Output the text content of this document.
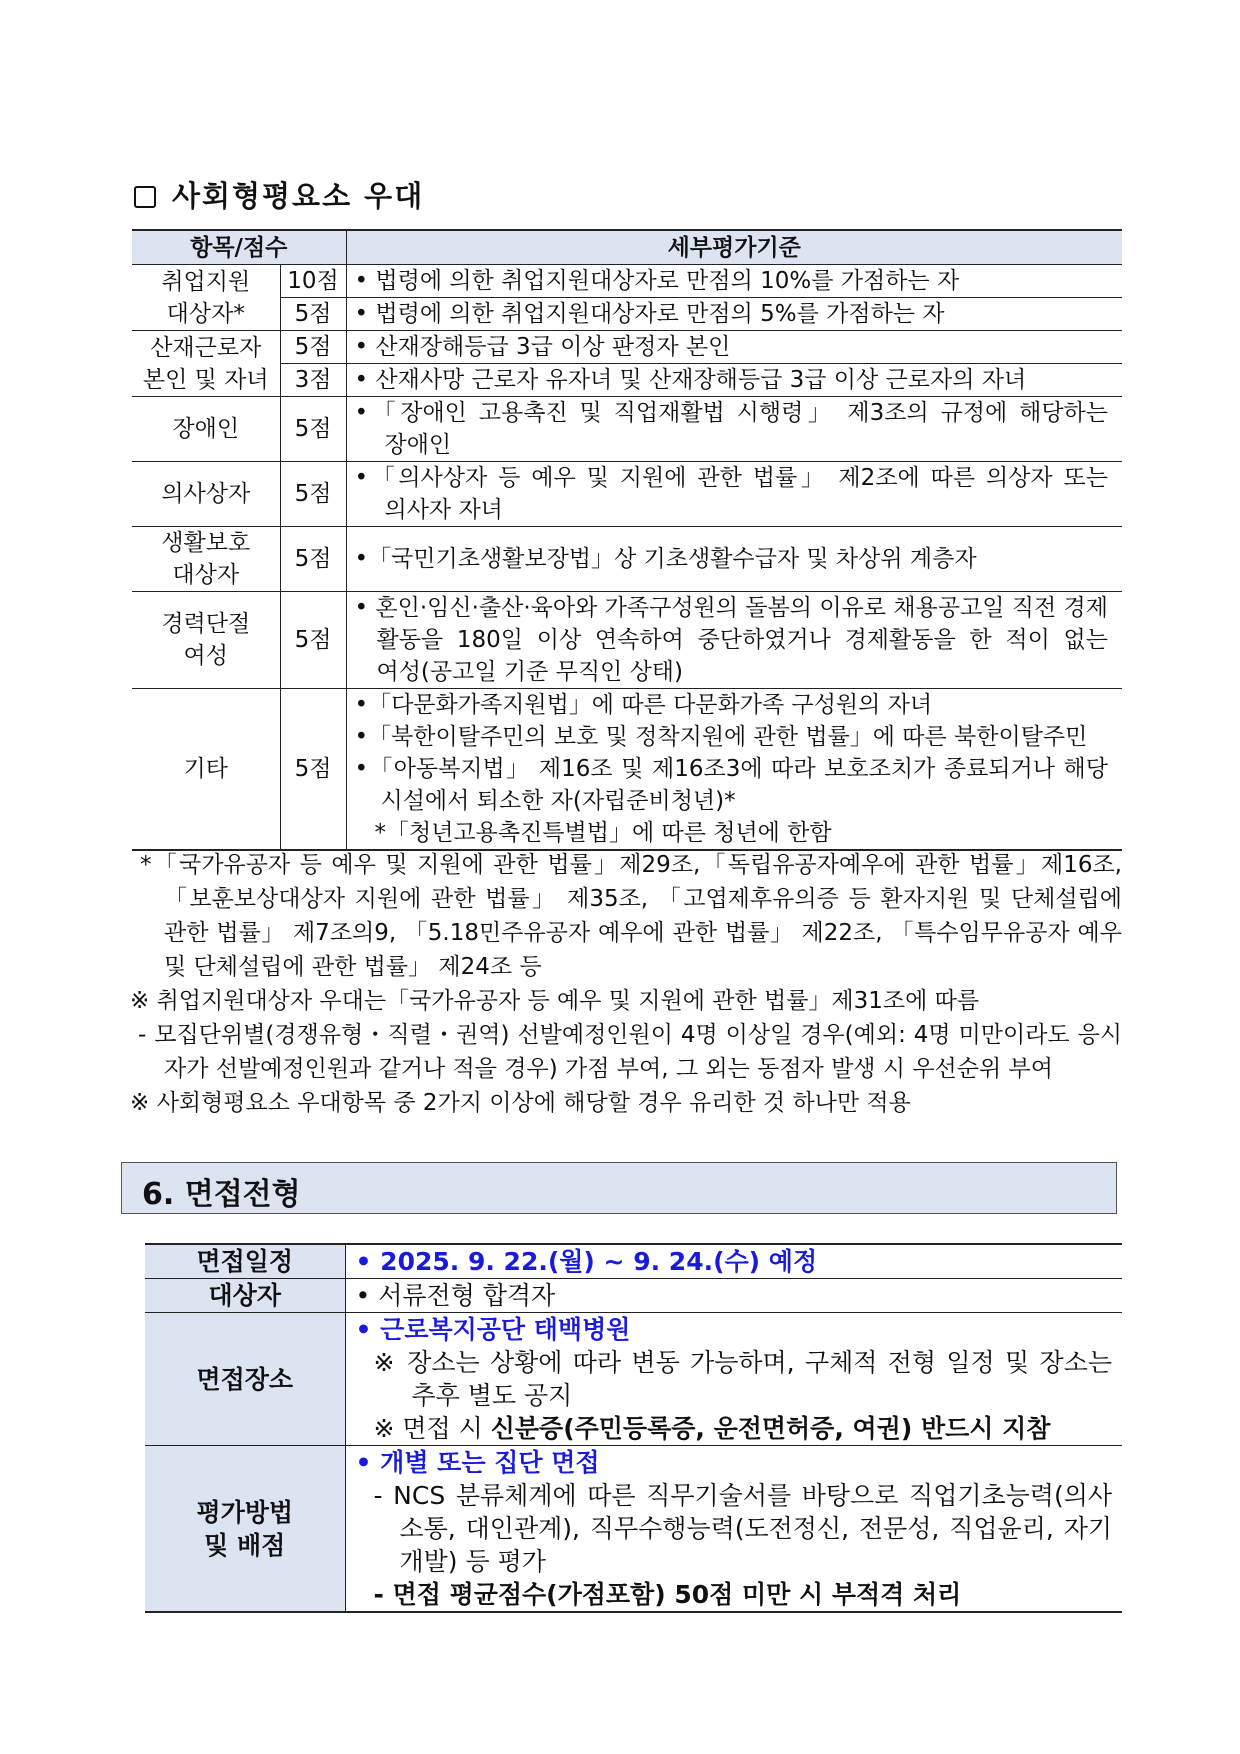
사회형평요소 우대
항목/점수		세부평가기준

취업지원
대상자*	10점	• 법령에 의한 취업지원대상자로 만점의 10%를 가점하는 자
	5점	• 법령에 의한 취업지원대상자로 만점의 5%를 가점하는 자

산재근로자
본인 및 자녀	5점	• 산재장해등급 3급 이상 판정자 본인
	3점	• 산재사망 근로자 유자녀 및 산재장해등급 3급 이상 근로자의 자녀
장애인	5점	•「장애인 고용촉진 및 직업재활법 시행령」 제3조의 규정에 해당하는
장애인

의사상자	5점	•「의사상자 등 예우 및 지원에 관한 법률」 제2조에 따른 의상자 또는
의사자 자녀

생활보호
대상자	5점	•「국민기초생활보장법」상 기초생활수급자 및 차상위 계층자

경력단절
여성	5점	• 혼인·임신·출산·육아와 가족구성원의 돌봄의 이유로 채용공고일 직전 경제
활동을 180일 이상 연속하여 중단하였거나 경제활동을 한 적이 없는
여성(공고일 기준 무직인 상태)

기타	5점	•「다문화가족지원법」에 따른 다문화가족 구성원의 자녀
•「북한이탈주민의 보호 및 정착지원에 관한 법률」에 따른 북한이탈주민
•「아동복지법」 제16조 및 제16조3에 따라 보호조치가 종료되거나 해당
시설에서 퇴소한 자(자립준비청년)*
*「청년고용촉진특별법」에 따른 청년에 한함
*「국가유공자 등 예우 및 지원에 관한 법률」제29조,「독립유공자예우에 관한 법률」제16조,
「보훈보상대상자 지원에 관한 법률」 제35조, 「고엽제후유의증 등 환자지원 및 단체설립에
관한 법률」 제7조의9, 「5.18민주유공자 예우에 관한 법률」 제22조, 「특수임무유공자 예우
및 단체설립에 관한 법률」 제24조 등
※ 취업지원대상자 우대는「국가유공자 등 예우 및 지원에 관한 법률」제31조에 따름
- 모집단위별(경쟁유형・직렬・권역) 선발예정인원이 4명 이상일 경우(예외: 4명 미만이라도 응시
자가 선발예정인원과 같거나 적을 경우) 가점 부여, 그 외는 동점자 발생 시 우선순위 부여
※ 사회형평요소 우대항목 중 2가지 이상에 해당할 경우 유리한 것 하나만 적용
6. 면접전형
면접일정	• 2025. 9. 22.(월) ~ 9. 24.(수) 예정

대상자	• 서류전형 합격자

면접장소	• 근로복지공단 태백병원
※ 장소는 상황에 따라 변동 가능하며, 구체적 전형 일정 및 장소는
추후 별도 공지
※ 면접 시 신분증(주민등록증, 운전면허증, 여권) 반드시 지참

평가방법
및 배점	• 개별 또는 집단 면접
- NCS 분류체계에 따른 직무기술서를 바탕으로 직업기초능력(의사
소통, 대인관계), 직무수행능력(도전정신, 전문성, 직업윤리, 자기
개발) 등 평가
- 면접 평균점수(가점포함) 50점 미만 시 부적격 처리
